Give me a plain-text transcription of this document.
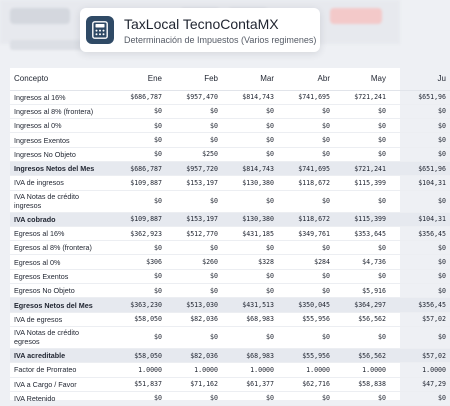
TaxLocal TecnoContaMX
Determinación de Impuestos (Varios regimenes)
Concepto	Ene	Feb	Mar	Abr	May	Ju
Ingresos al 16%	$686,787	$957,470	$814,743	$741,695	$721,241	$651,96
Ingresos al 8% (frontera)	$0	$0	$0	$0	$0	$0
Ingresos al 0%	$0	$0	$0	$0	$0	$0
Ingresos Exentos	$0	$0	$0	$0	$0	$0
Ingresos No Objeto	$0	$250	$0	$0	$0	$0
Ingresos Netos del Mes	$686,787	$957,720	$814,743	$741,695	$721,241	$651,96
IVA de ingresos	$109,887	$153,197	$130,380	$118,672	$115,399	$104,31
IVA Notas de crédito ingresos	$0	$0	$0	$0	$0	$0
IVA cobrado	$109,887	$153,197	$130,380	$118,672	$115,399	$104,31
Egresos al 16%	$362,923	$512,770	$431,185	$349,761	$353,645	$356,45
Egresos al 8% (frontera)	$0	$0	$0	$0	$0	$0
Egresos al 0%	$306	$260	$328	$284	$4,736	$0
Egresos Exentos	$0	$0	$0	$0	$0	$0
Egresos No Objeto	$0	$0	$0	$0	$5,916	$0
Egresos Netos del Mes	$363,230	$513,030	$431,513	$350,045	$364,297	$356,45
IVA de egresos	$58,050	$82,036	$68,983	$55,956	$56,562	$57,02
IVA Notas de crédito egresos	$0	$0	$0	$0	$0	$0
IVA acreditable	$58,050	$82,036	$68,983	$55,956	$56,562	$57,02
Factor de Prorrateo	1.0000	1.0000	1.0000	1.0000	1.0000	1.0000
IVA a Cargo / Favor	$51,837	$71,162	$61,377	$62,716	$58,838	$47,29
IVA Retenido	$0	$0	$0	$0	$0	$0
